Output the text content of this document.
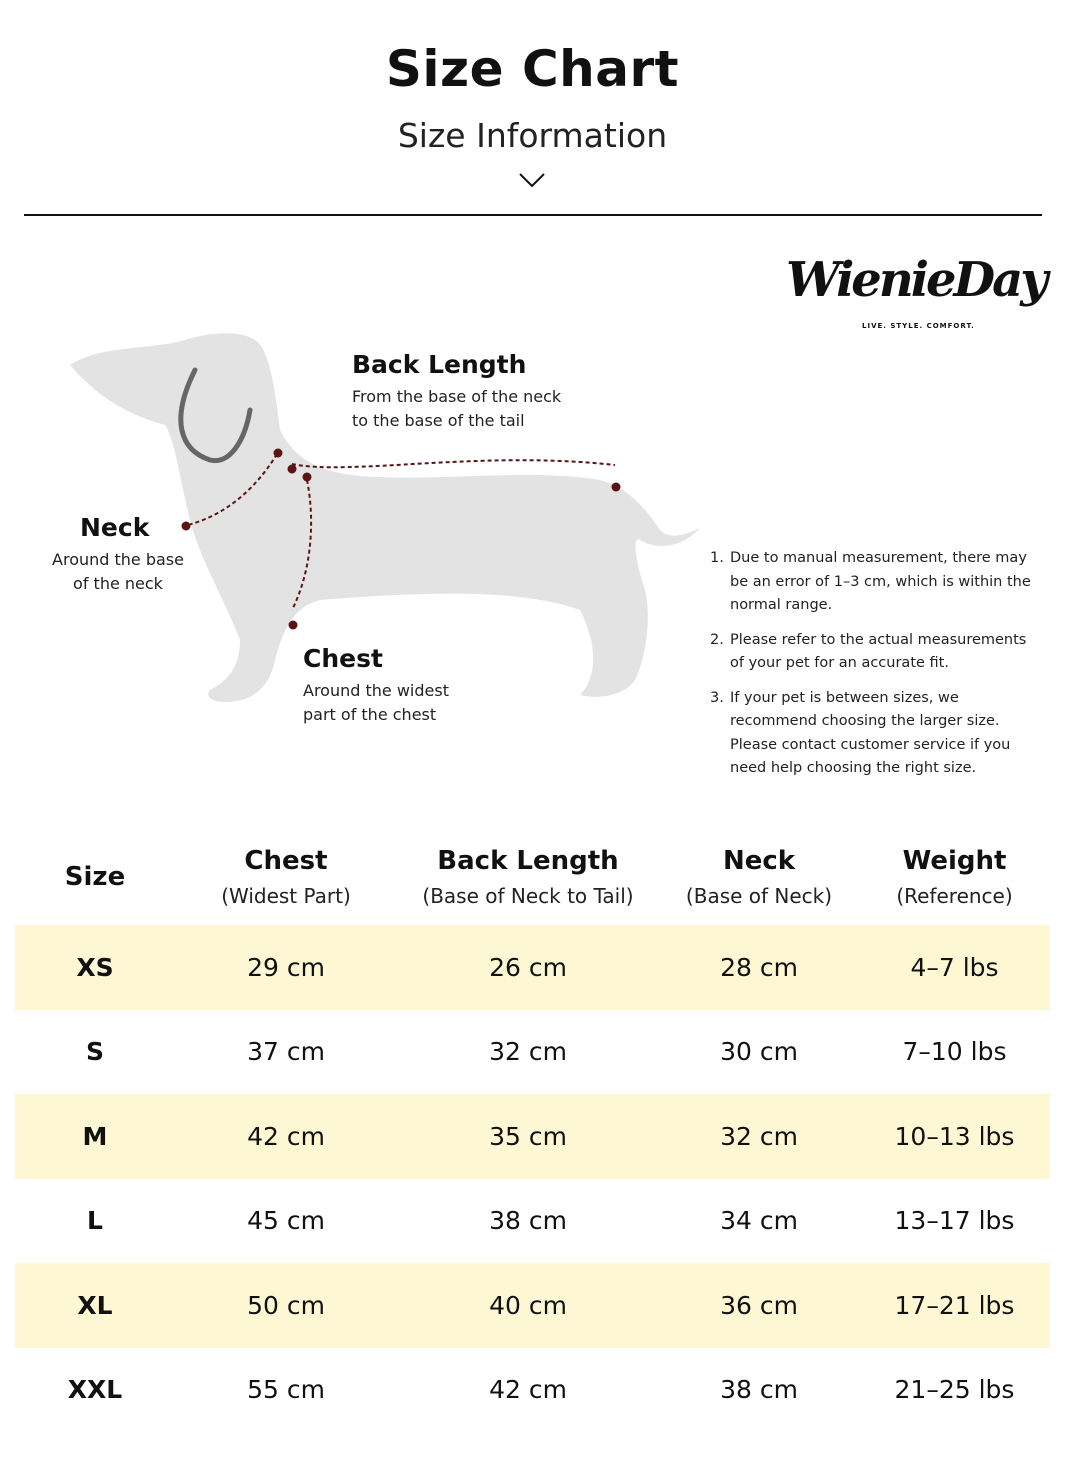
Size Chart
Size Information
WienieDay
LIVE. STYLE. COMFORT.
Back Length
From the base of the neck
to the base of the tail
Neck
Around the base
of the neck
Chest
Around the widest
part of the chest
1. Due to manual measurement, there may be an error of 1–3 cm, which is within the normal range.
2. Please refer to the actual measurements of your pet for an accurate fit.
3. If your pet is between sizes, we recommend choosing the larger size. Please contact customer service if you need help choosing the right size.
Size
Chest
(Widest Part)
Back Length
(Base of Neck to Tail)
Neck
(Base of Neck)
Weight
(Reference)
XS	29 cm	26 cm	28 cm	4–7 lbs
S	37 cm	32 cm	30 cm	7–10 lbs
M	42 cm	35 cm	32 cm	10–13 lbs
L	45 cm	38 cm	34 cm	13–17 lbs
XL	50 cm	40 cm	36 cm	17–21 lbs
XXL	55 cm	42 cm	38 cm	21–25 lbs
